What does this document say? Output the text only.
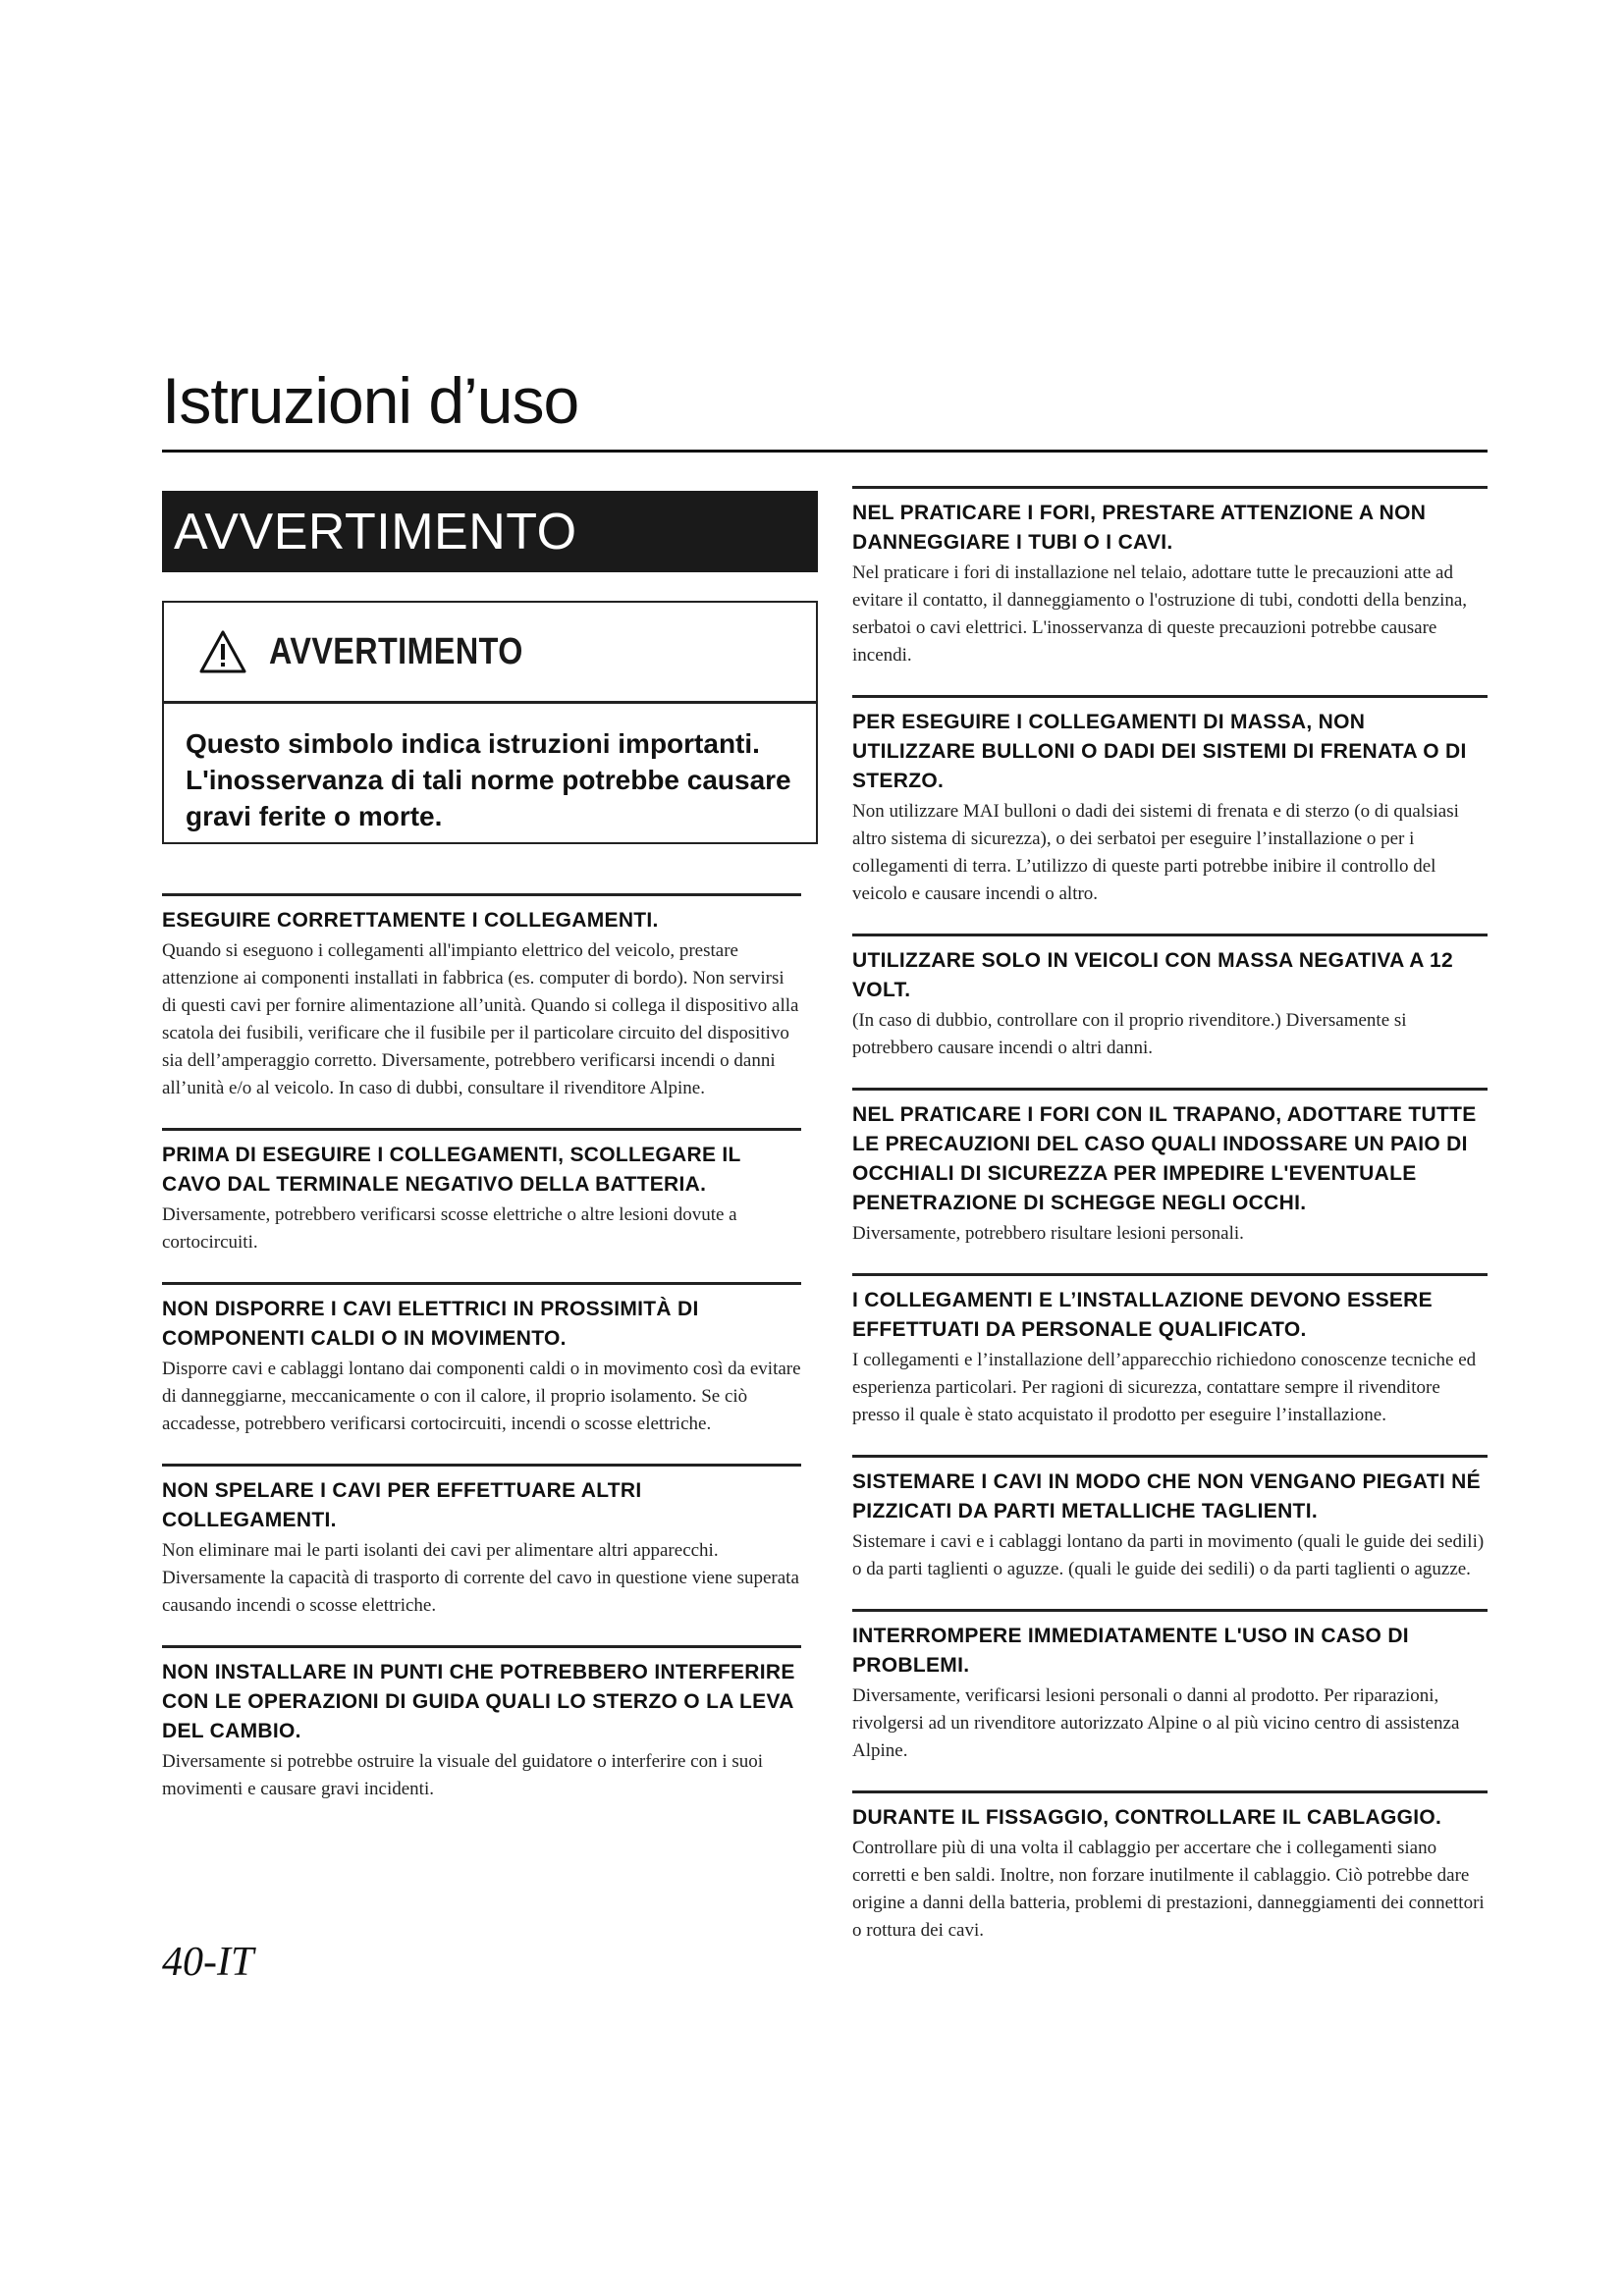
Istruzioni d’uso
AVVERTIMENTO
AVVERTIMENTO

Questo simbolo indica istruzioni importanti. L'inosservanza di tali norme potrebbe causare gravi ferite o morte.

ESEGUIRE CORRETTAMENTE I COLLEGAMENTI.

Quando si eseguono i collegamenti all'impianto elettrico del veicolo, prestare attenzione ai componenti installati in fabbrica (es. computer di bordo). Non servirsi di questi cavi per fornire alimentazione all’unità. Quando si collega il dispositivo alla scatola dei fusibili, verificare che il fusibile per il particolare circuito del dispositivo sia dell’amperaggio corretto. Diversamente, potrebbero verificarsi incendi o danni all’unità e/o al veicolo. In caso di dubbi, consultare il rivenditore Alpine.

PRIMA DI ESEGUIRE I COLLEGAMENTI, SCOLLEGARE IL CAVO DAL TERMINALE NEGATIVO DELLA BATTERIA.

Diversamente, potrebbero verificarsi scosse elettriche o altre lesioni dovute a cortocircuiti.

NON DISPORRE I CAVI ELETTRICI IN PROSSIMITÀ DI COMPONENTI CALDI O IN MOVIMENTO.

Disporre cavi e cablaggi lontano dai componenti caldi o in movimento così da evitare di danneggiarne, meccanicamente o con il calore, il proprio isolamento. Se ciò accadesse, potrebbero verificarsi cortocircuiti, incendi o scosse elettriche.

NON SPELARE I CAVI PER EFFETTUARE ALTRI COLLEGAMENTI.

Non eliminare mai le parti isolanti dei cavi per alimentare altri apparecchi. Diversamente la capacità di trasporto di corrente del cavo in questione viene superata causando incendi o scosse elettriche.

NON INSTALLARE IN PUNTI CHE POTREBBERO INTERFERIRE CON LE OPERAZIONI DI GUIDA QUALI LO STERZO O LA LEVA DEL CAMBIO.

Diversamente si potrebbe ostruire la visuale del guidatore o interferire con i suoi movimenti e causare gravi incidenti.

NEL PRATICARE I FORI, PRESTARE ATTENZIONE A NON DANNEGGIARE I TUBI O I CAVI.

Nel praticare i fori di installazione nel telaio, adottare tutte le precauzioni atte ad evitare il contatto, il danneggiamento o l'ostruzione di tubi, condotti della benzina, serbatoi o cavi elettrici. L'inosservanza di queste precauzioni potrebbe causare incendi.

PER ESEGUIRE I COLLEGAMENTI DI MASSA, NON UTILIZZARE BULLONI O DADI DEI SISTEMI DI FRENATA O DI STERZO.

Non utilizzare MAI bulloni o dadi dei sistemi di frenata e di sterzo (o di qualsiasi altro sistema di sicurezza), o dei serbatoi per eseguire l’installazione o per i collegamenti di terra. L’utilizzo di queste parti potrebbe inibire il controllo del veicolo e causare incendi o altro.

UTILIZZARE SOLO IN VEICOLI CON MASSA NEGATIVA A 12 VOLT.

(In caso di dubbio, controllare con il proprio rivenditore.) Diversamente si potrebbero causare incendi o altri danni.

NEL PRATICARE I FORI CON IL TRAPANO, ADOTTARE TUTTE LE PRECAUZIONI DEL CASO QUALI INDOSSARE UN PAIO DI OCCHIALI DI SICUREZZA PER IMPEDIRE L'EVENTUALE PENETRAZIONE DI SCHEGGE NEGLI OCCHI.

Diversamente, potrebbero risultare lesioni personali.

I COLLEGAMENTI E L’INSTALLAZIONE DEVONO ESSERE EFFETTUATI DA PERSONALE QUALIFICATO.

I collegamenti e l’installazione dell’apparecchio richiedono conoscenze tecniche ed esperienza particolari. Per ragioni di sicurezza, contattare sempre il rivenditore presso il quale è stato acquistato il prodotto per eseguire l’installazione.

SISTEMARE I CAVI IN MODO CHE NON VENGANO PIEGATI NÉ PIZZICATI DA PARTI METALLICHE TAGLIENTI.

Sistemare i cavi e i cablaggi lontano da parti in movimento (quali le guide dei sedili) o da parti taglienti o aguzze. (quali le guide dei sedili) o da parti taglienti o aguzze.

INTERROMPERE IMMEDIATAMENTE L'USO IN CASO DI PROBLEMI.

Diversamente, verificarsi lesioni personali o danni al prodotto. Per riparazioni, rivolgersi ad un rivenditore autorizzato Alpine o al più vicino centro di assistenza Alpine.

DURANTE IL FISSAGGIO, CONTROLLARE IL CABLAGGIO.

Controllare più di una volta il cablaggio per accertare che i collegamenti siano corretti e ben saldi. Inoltre, non forzare inutilmente il cablaggio. Ciò potrebbe dare origine a danni della batteria, problemi di prestazioni, danneggiamenti dei connettori o rottura dei cavi.

40-IT
